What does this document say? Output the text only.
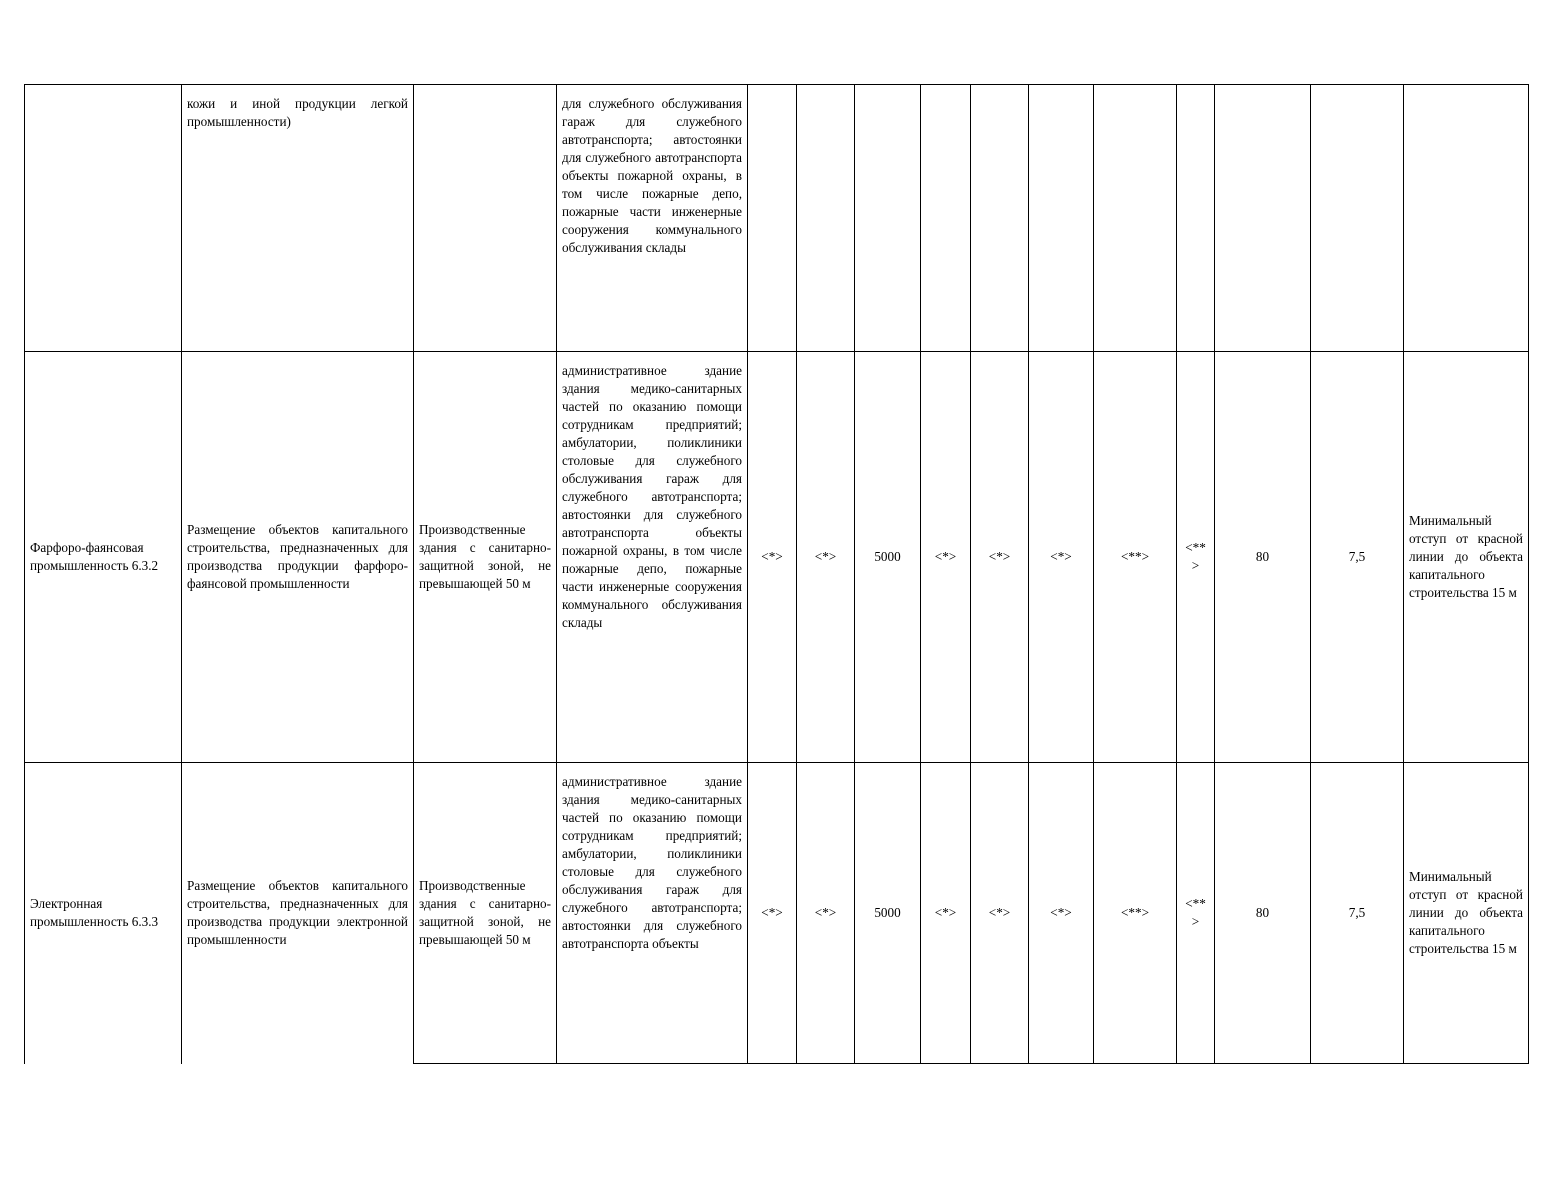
	кожи и иной продукции легкой промышленности)		для служебного обслуживания гараж для служебного автотранспорта; автостоянки для служебного автотранспорта объекты пожарной охраны, в том числе пожарные депо, пожарные части инженерные сооружения коммунального обслуживания склады											
Фарфоро-фаянсовая промышленность 6.3.2	Размещение объектов капитального строительства, предназначенных для производства продукции фарфоро-фаянсовой промышленности	Производственные здания с санитарно-защитной зоной, не превышающей 50 м	административное здание здания медико-санитарных частей по оказанию помощи сотрудникам предприятий; амбулатории, поликлиники столовые для служебного обслуживания гараж для служебного автотранспорта; автостоянки для служебного автотранспорта объекты пожарной охраны, в том числе пожарные депо, пожарные части инженерные сооружения коммунального обслуживания склады	<*>	<*>	5000	<*>	<*>	<*>	<**>	<**>	80	7,5	Минимальный отступ от красной линии до объекта капитального строительства 15 м
Электронная промышленность 6.3.3	Размещение объектов капитального строительства, предназначенных для производства продукции электронной промышленности	Производственные здания с санитарно-защитной зоной, не превышающей 50 м	административное здание здания медико-санитарных частей по оказанию помощи сотрудникам предприятий; амбулатории, поликлиники столовые для служебного обслуживания гараж для служебного автотранспорта; автостоянки для служебного автотранспорта объекты	<*>	<*>	5000	<*>	<*>	<*>	<**>	<**>	80	7,5	Минимальный отступ от красной линии до объекта капитального строительства 15 м
